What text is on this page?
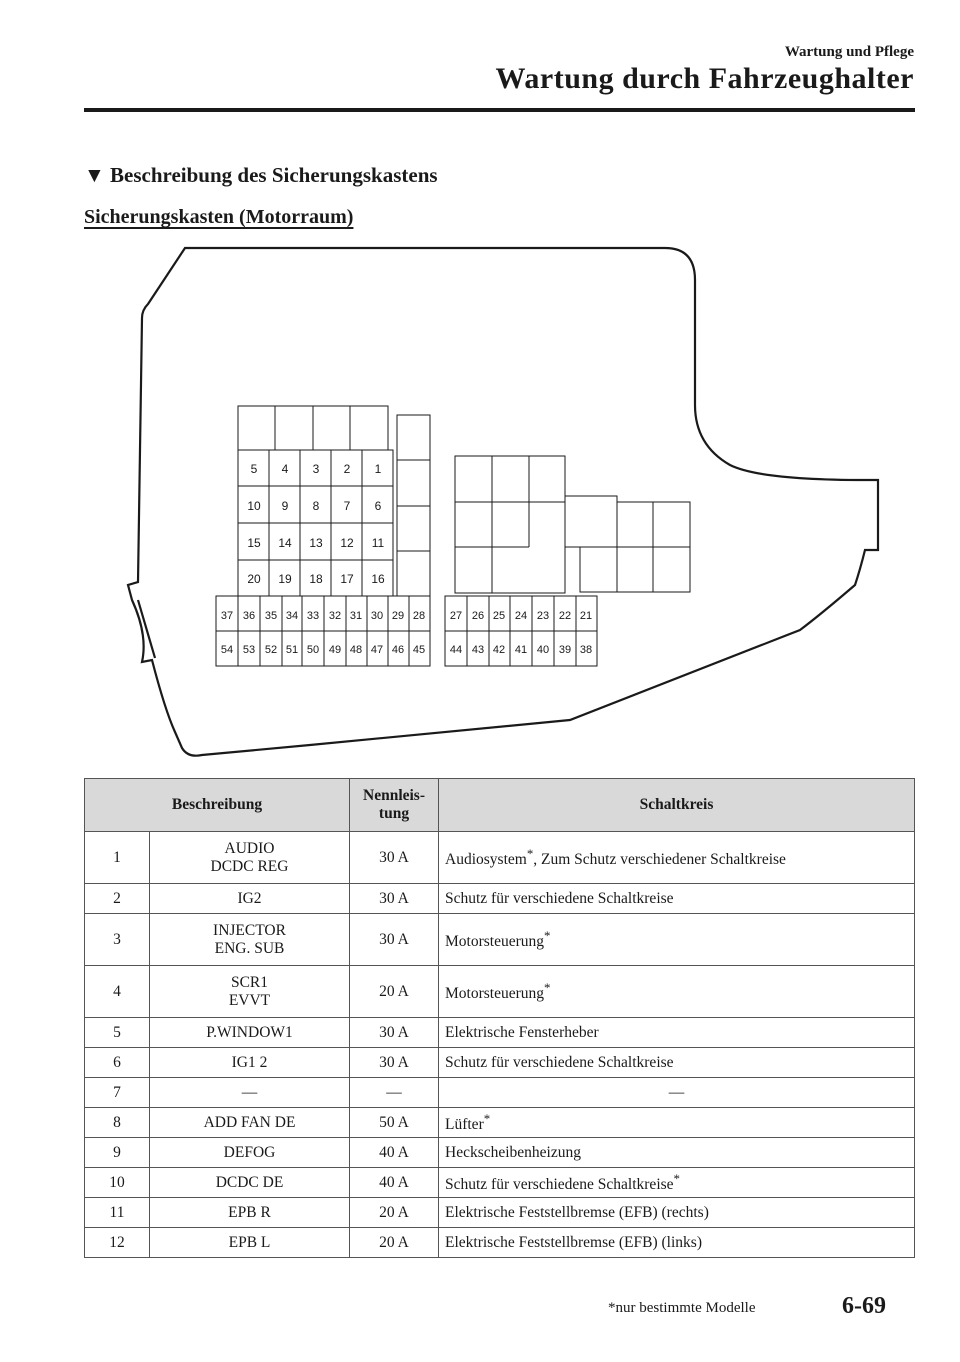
Wartung und Pflege
Wartung durch Fahrzeughalter
▼ Beschreibung des Sicherungskastens
Sicherungskasten (Motorraum)
5 4 3 2 1
10 9 8 7 6
15 14 13 12 11
20 19 18 17 16
37 36 35 34 33 32 31 30 29 28
54 53 52 51 50 49 48 47 46 45
27 26 25 24 23 22 21
44 43 42 41 40 39 38
Beschreibung		Nennleis-
tung	Schaltkreis
1	AUDIO
DCDC REG	30 A	Audiosystem*, Zum Schutz verschiedener Schaltkreise
2	IG2	30 A	Schutz für verschiedene Schaltkreise
3	INJECTOR
ENG. SUB	30 A	Motorsteuerung*
4	SCR1
EVVT	20 A	Motorsteuerung*
5	P.WINDOW1	30 A	Elektrische Fensterheber
6	IG1 2	30 A	Schutz für verschiedene Schaltkreise
7	—	—	—
8	ADD FAN DE	50 A	Lüfter*
9	DEFOG	40 A	Heckscheibenheizung
10	DCDC DE	40 A	Schutz für verschiedene Schaltkreise*
11	EPB R	20 A	Elektrische Feststellbremse (EFB) (rechts)
12	EPB L	20 A	Elektrische Feststellbremse (EFB) (links)
*nur bestimmte Modelle	6-69
